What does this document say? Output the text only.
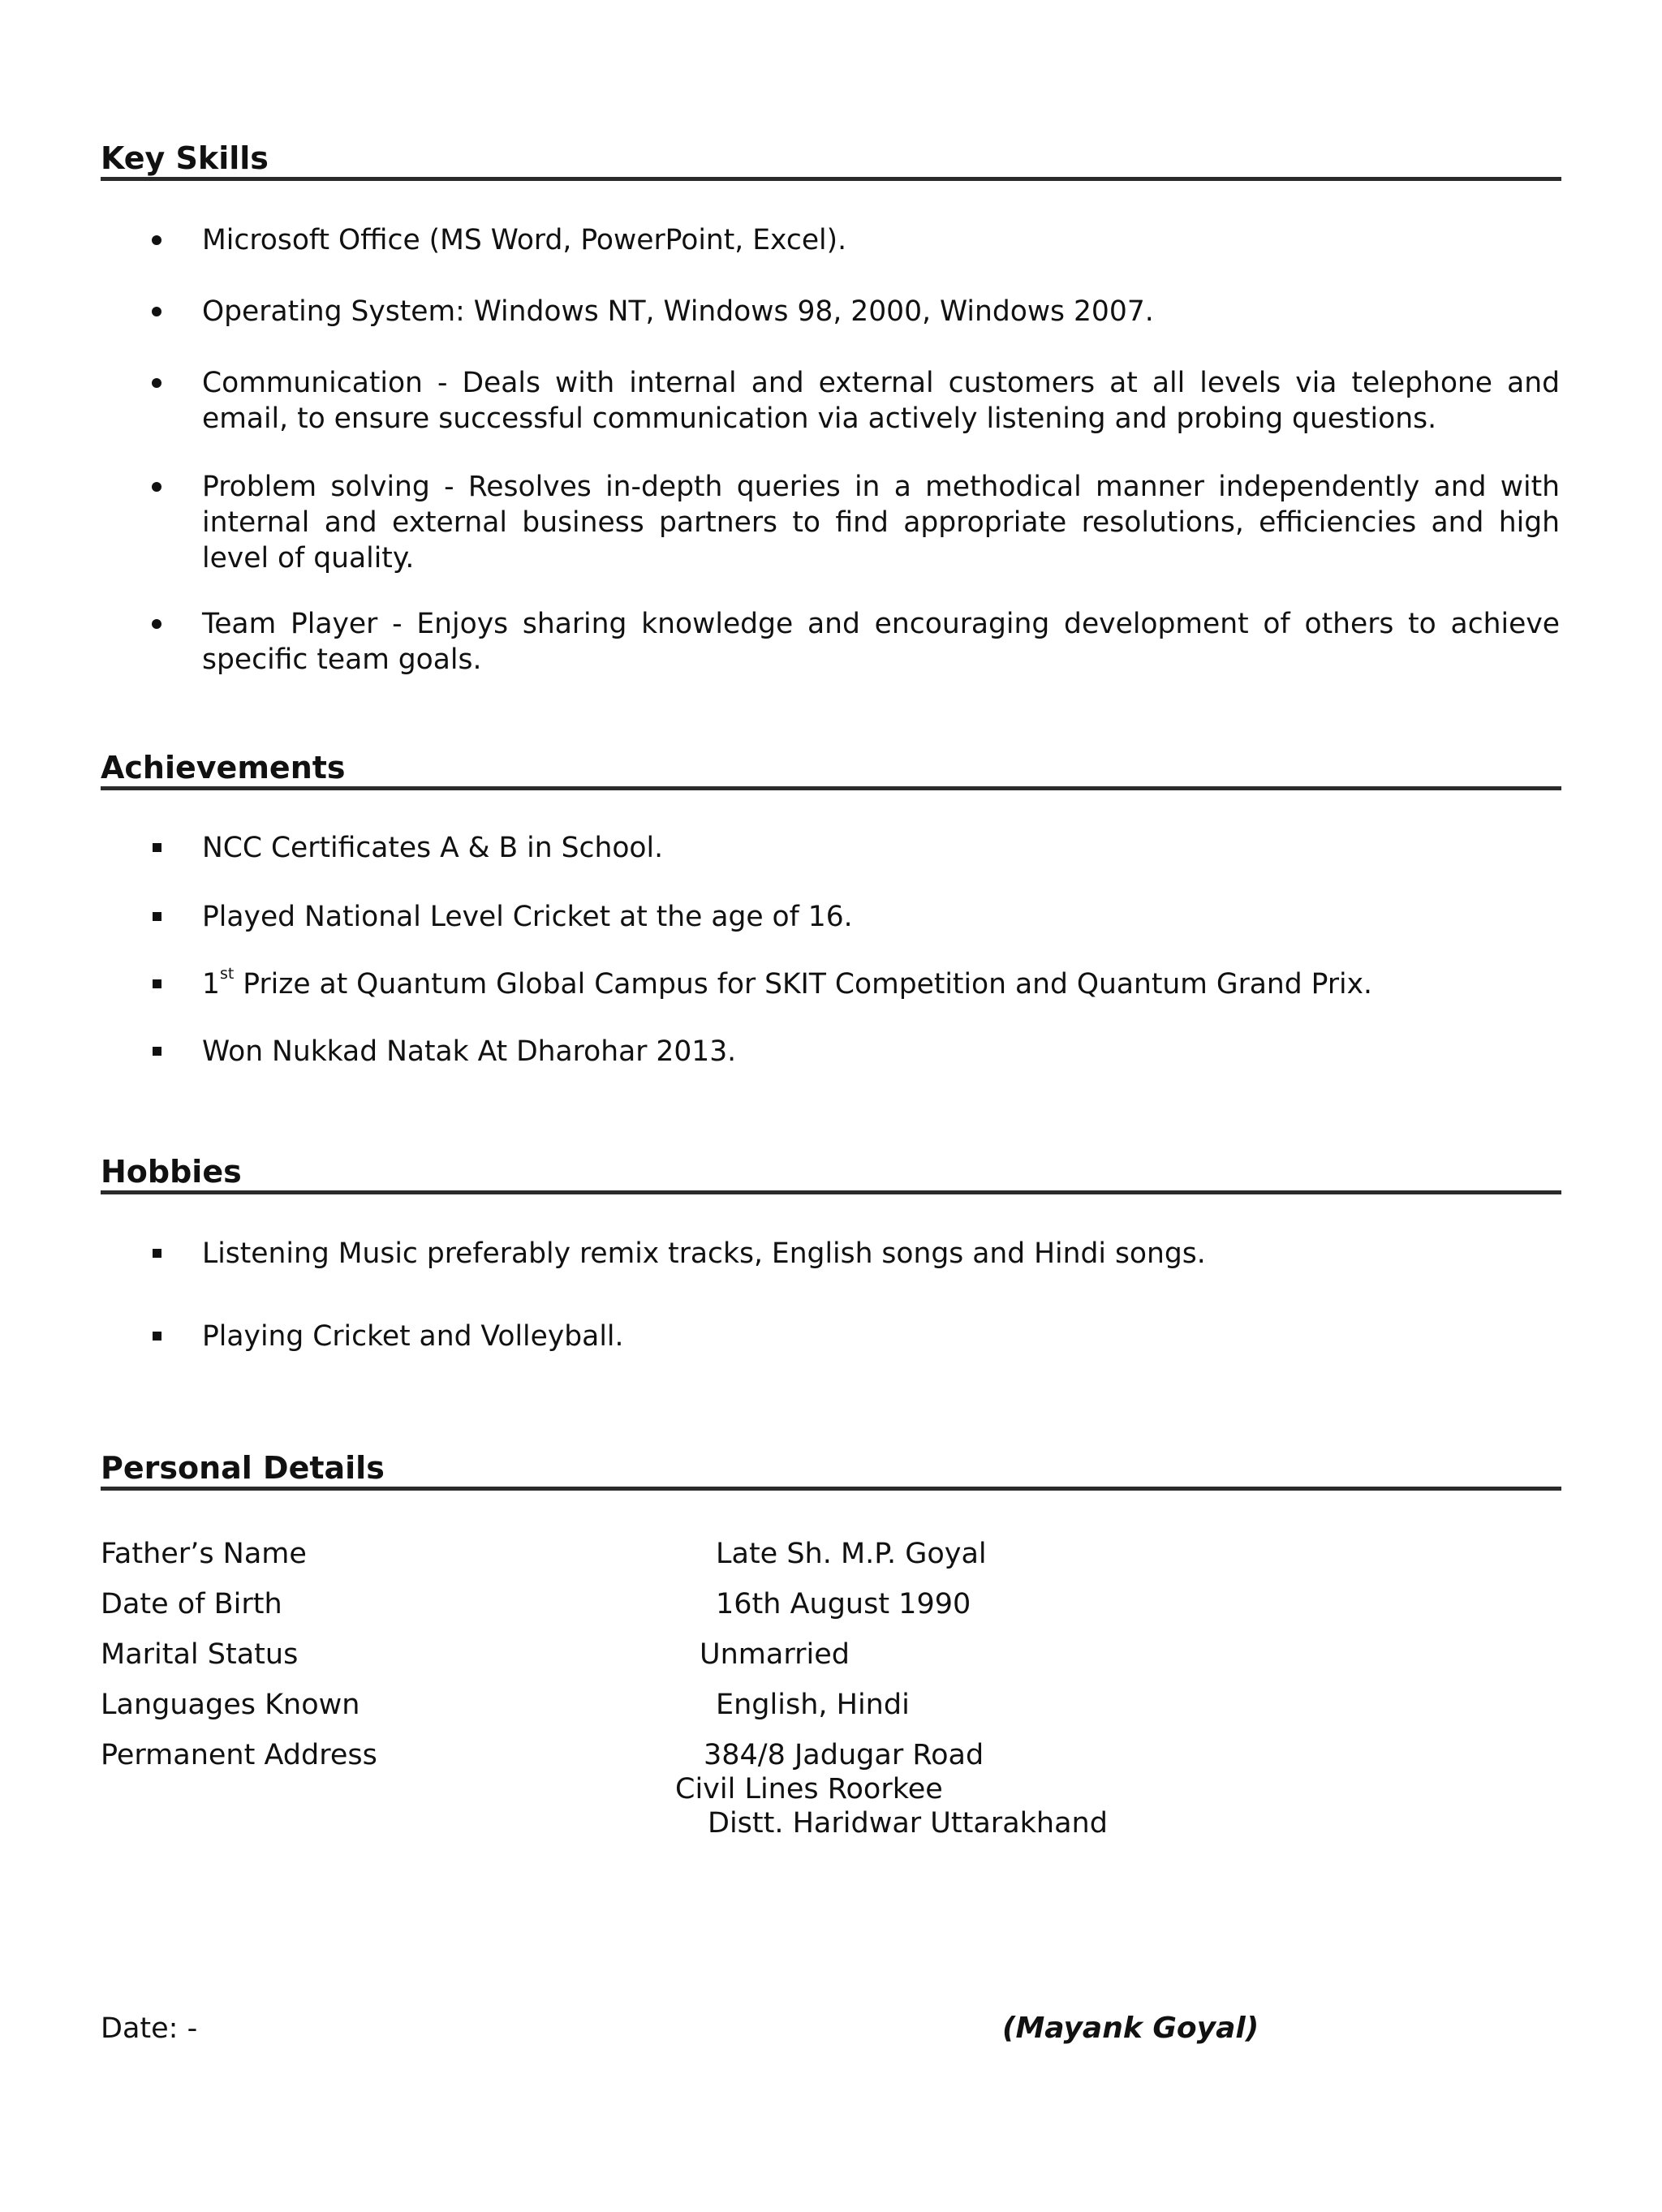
Key Skills
Microsoft Office (MS Word, PowerPoint, Excel).
Operating System: Windows NT, Windows 98, 2000, Windows 2007.
Communication - Deals with internal and external customers at all levels via telephone and email, to ensure successful communication via actively listening and probing questions.
Problem solving - Resolves in-depth queries in a methodical manner independently and with internal and external business partners to find appropriate resolutions, efficiencies and high level of quality.
Team Player - Enjoys sharing knowledge and encouraging development of others to achieve specific team goals.
Achievements
NCC Certificates A & B in School.
Played National Level Cricket at the age of 16.
1st Prize at Quantum Global Campus for SKIT Competition and Quantum Grand Prix.
Won Nukkad Natak At Dharohar 2013.
Hobbies
Listening Music preferably remix tracks, English songs and Hindi songs.
Playing Cricket and Volleyball.
Personal Details
Father’s Name	Late Sh. M.P. Goyal
Date of Birth	16th August 1990
Marital Status	Unmarried
Languages Known	English, Hindi
Permanent Address	384/8 Jadugar Road
Civil Lines Roorkee
Distt. Haridwar Uttarakhand
Date: -	(Mayank Goyal)
